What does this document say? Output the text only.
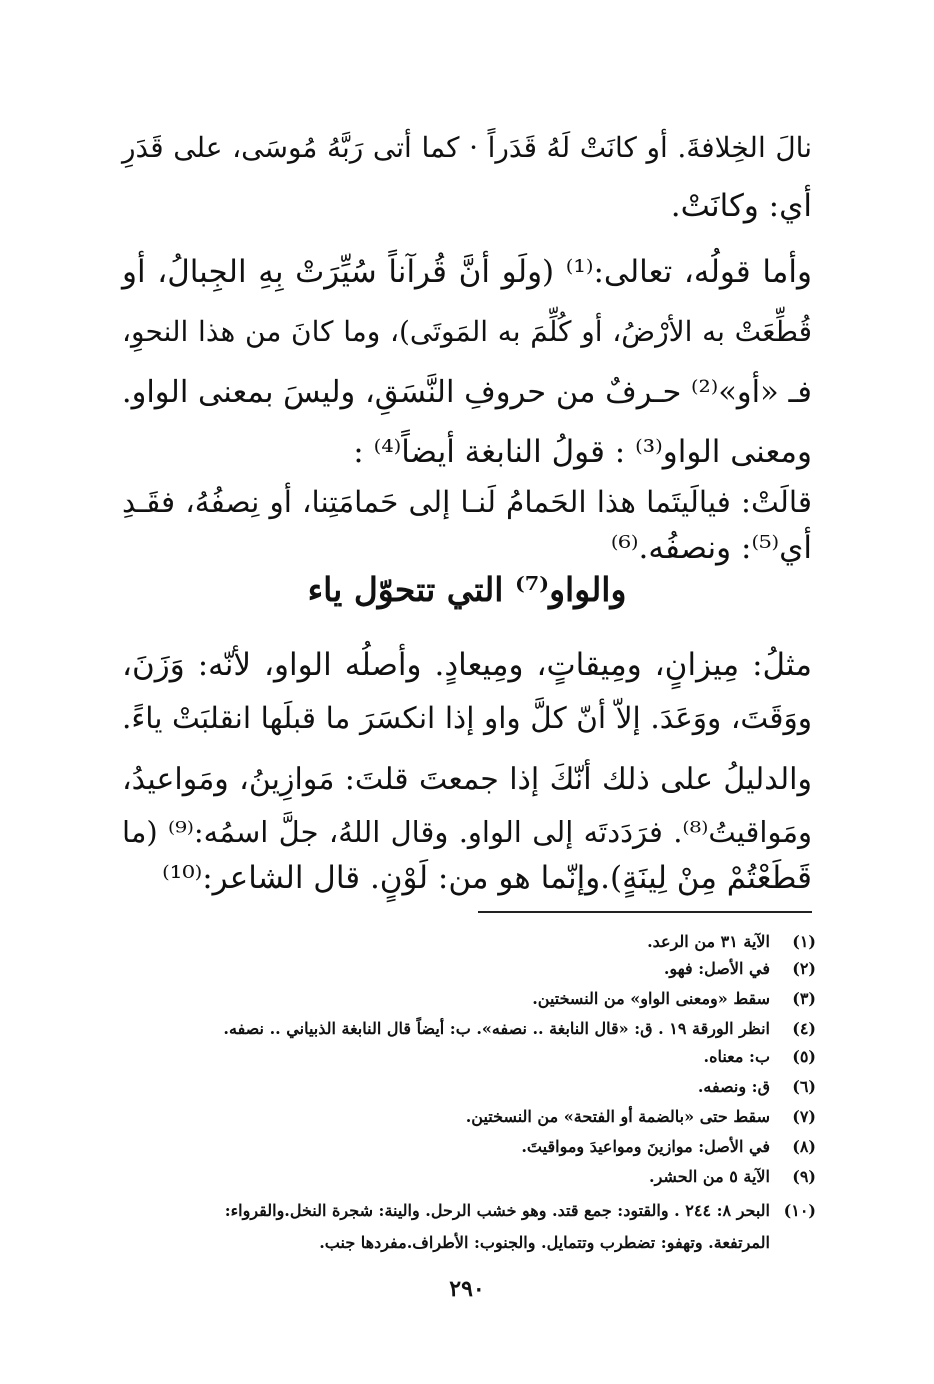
نالَ الخِلافةَ. أو كانَتْ لَهُ قَدَراً · كما أتى رَبَّهُ مُوسَى، على قَدَرِ
أي: وكانَتْ.
وأما قولُه، تعالى:⁽¹⁾ (ولَو أنَّ قُرآناً سُيِّرَتْ بِهِ الجِبالُ، أو
قُطِّعَتْ به الأرْضُ، أو كُلِّمَ به المَوتَى)، وما كانَ من هذا النحوِ،
فـ «أو»⁽²⁾ حـرفٌ من حروفِ النَّسَقِ، وليسَ بمعنى الواو.
ومعنى الواو⁽³⁾ : قولُ النابغة أيضاً⁽⁴⁾ :
قالَتْ: فيالَيتَما هذا الحَمامُ لَنـا إلى حَمامَتِنا، أو نِصفُهُ، فقَـدِ
أي⁽⁵⁾: ونصفُه.⁽⁶⁾
والواو⁽⁷⁾ التي تتحوّل ياء
مثلُ: مِيزانٍ، ومِيقاتٍ، ومِيعادٍ. وأصلُه الواو، لأنّه: وَزَنَ،
ووَقَتَ، ووَعَدَ. إلاّ أنّ كلَّ واو إذا انكسَرَ ما قبلَها انقلبَتْ ياءً.
والدليلُ على ذلك أنّكَ إذا جمعتَ قلتَ: مَوازِينُ، ومَواعيدُ،
ومَواقيتُ⁽⁸⁾. فرَدَدتَه إلى الواو. وقال اللهُ، جلَّ اسمُه:⁽⁹⁾ (ما
قَطَعْتُمْ مِنْ لِينَةٍ).وإنّما هو من: لَوْنٍ. قال الشاعر:⁽¹⁰⁾
(١)الآية ٣١ من الرعد.
(٢)في الأصل: فهو.
(٣)سقط «ومعنى الواو» من النسختين.
(٤)انظر الورقة ١٩ . ق: «قال النابغة .. نصفه». ب: أيضاً قال النابغة الذبياني .. نصفه.
(٥)ب: معناه.
(٦)ق: ونصفه.
(٧)سقط حتى «بالضمة أو الفتحة» من النسختين.
(٨)في الأصل: موازينَ ومواعيدَ ومواقيتَ.
(٩)الآية ٥ من الحشر.
(١٠)البحر ٨: ٢٤٤ . والقتود: جمع قتد. وهو خشب الرحل. والينة: شجرة النخل.والقرواء:
المرتفعة. وتهفو: تضطرب وتتمايل. والجنوب: الأطراف.مفردها جنب.
٢٩٠
